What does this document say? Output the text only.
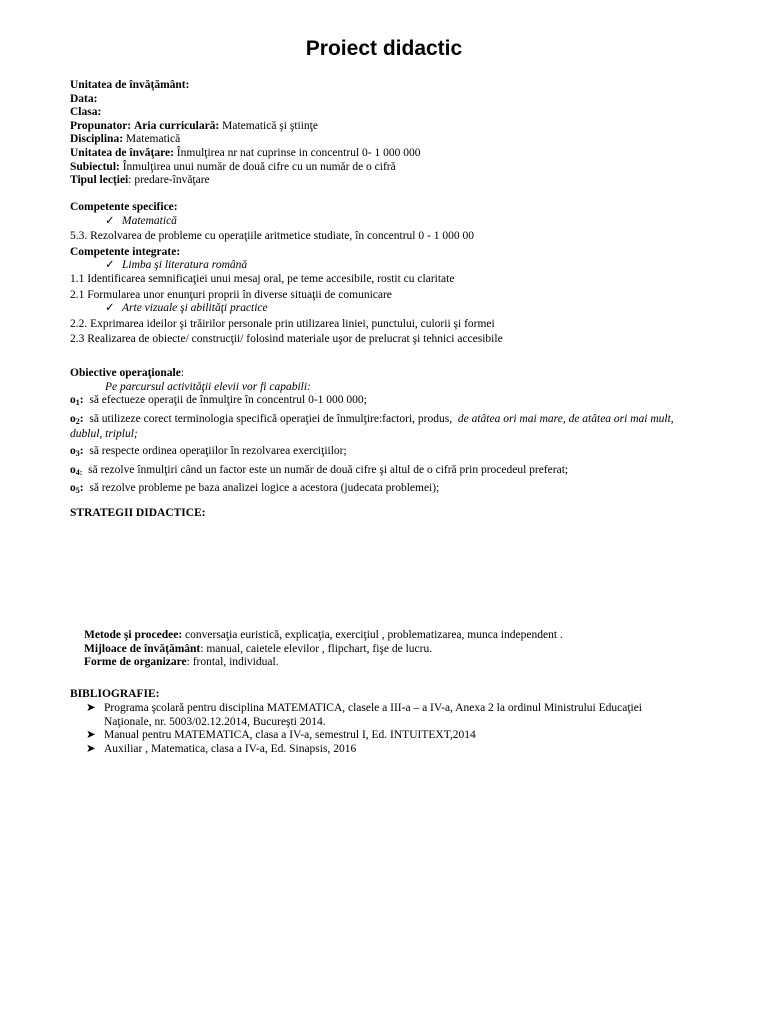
Proiect didactic
Unitatea de învăţământ:
Data:
Clasa:
Propunator: Aria curriculară: Matematică şi ştiinţe
Disciplina: Matematică
Unitatea de învăţare: Înmulţirea nr nat cuprinse in concentrul 0- 1 000 000
Subiectul: Înmulţirea unui număr de două cifre cu un număr de o cifră
Tipul lecţiei: predare-învăţare
Competente specifice:
✓ Matematică
5.3. Rezolvarea de probleme cu operaţiile aritmetice studiate, în concentrul 0 - 1 000 00
Competente integrate:
✓ Limba şi literatura română
1.1 Identificarea semnificaţiei unui mesaj oral, pe teme accesibile, rostit cu claritate
2.1 Formularea unor enunţuri proprii în diverse situaţii de comunicare
✓ Arte vizuale şi abilităţi practice
2.2. Exprimarea ideilor şi trăirilor personale prin utilizarea liniei, punctului, culorii şi formei
2.3 Realizarea de obiecte/ construcţii/ folosind materiale uşor de prelucrat şi tehnici accesibile
Obiective operaţionale:
Pe parcursul activităţii elevii vor fi capabili:
$o_1$: să efectueze operaţii de înmulţire în concentrul 0-1 000 000;
$o_2$: să utilizeze corect terminologia specifică operaţiei de înmulţire:factori, produs, de atâtea ori mai mare, de atâtea ori mai mult,
dublul, triplul;
$o_3$: să respecte ordinea operaţiilor în rezolvarea exerciţiilor;
$o_{4:}$ să rezolve înmulţiri când un factor este un număr de două cifre şi altul de o cifră prin procedeul preferat;
$o_5$: să rezolve probleme pe baza analizei logice a acestora (judecata problemei);
STRATEGII DIDACTICE:
Metode şi procedee: conversaţia euristică, explicaţia, exerciţiul , problematizarea, munca independent .
Mijloace de învăţământ: manual, caietele elevilor , flipchart, fişe de lucru.
Forme de organizare: frontal, individual.
BIBLIOGRAFIE:
➤ Programa şcolară pentru disciplina MATEMATICA, clasele a III-a – a IV-a, Anexa 2 la ordinul Ministrului Educaţiei
Naţionale, nr. 5003/02.12.2014, Bucureşti 2014.
➤ Manual pentru MATEMATICA, clasa a IV-a, semestrul I, Ed. INTUITEXT,2014
➤ Auxiliar , Matematica, clasa a IV-a, Ed. Sinapsis, 2016
